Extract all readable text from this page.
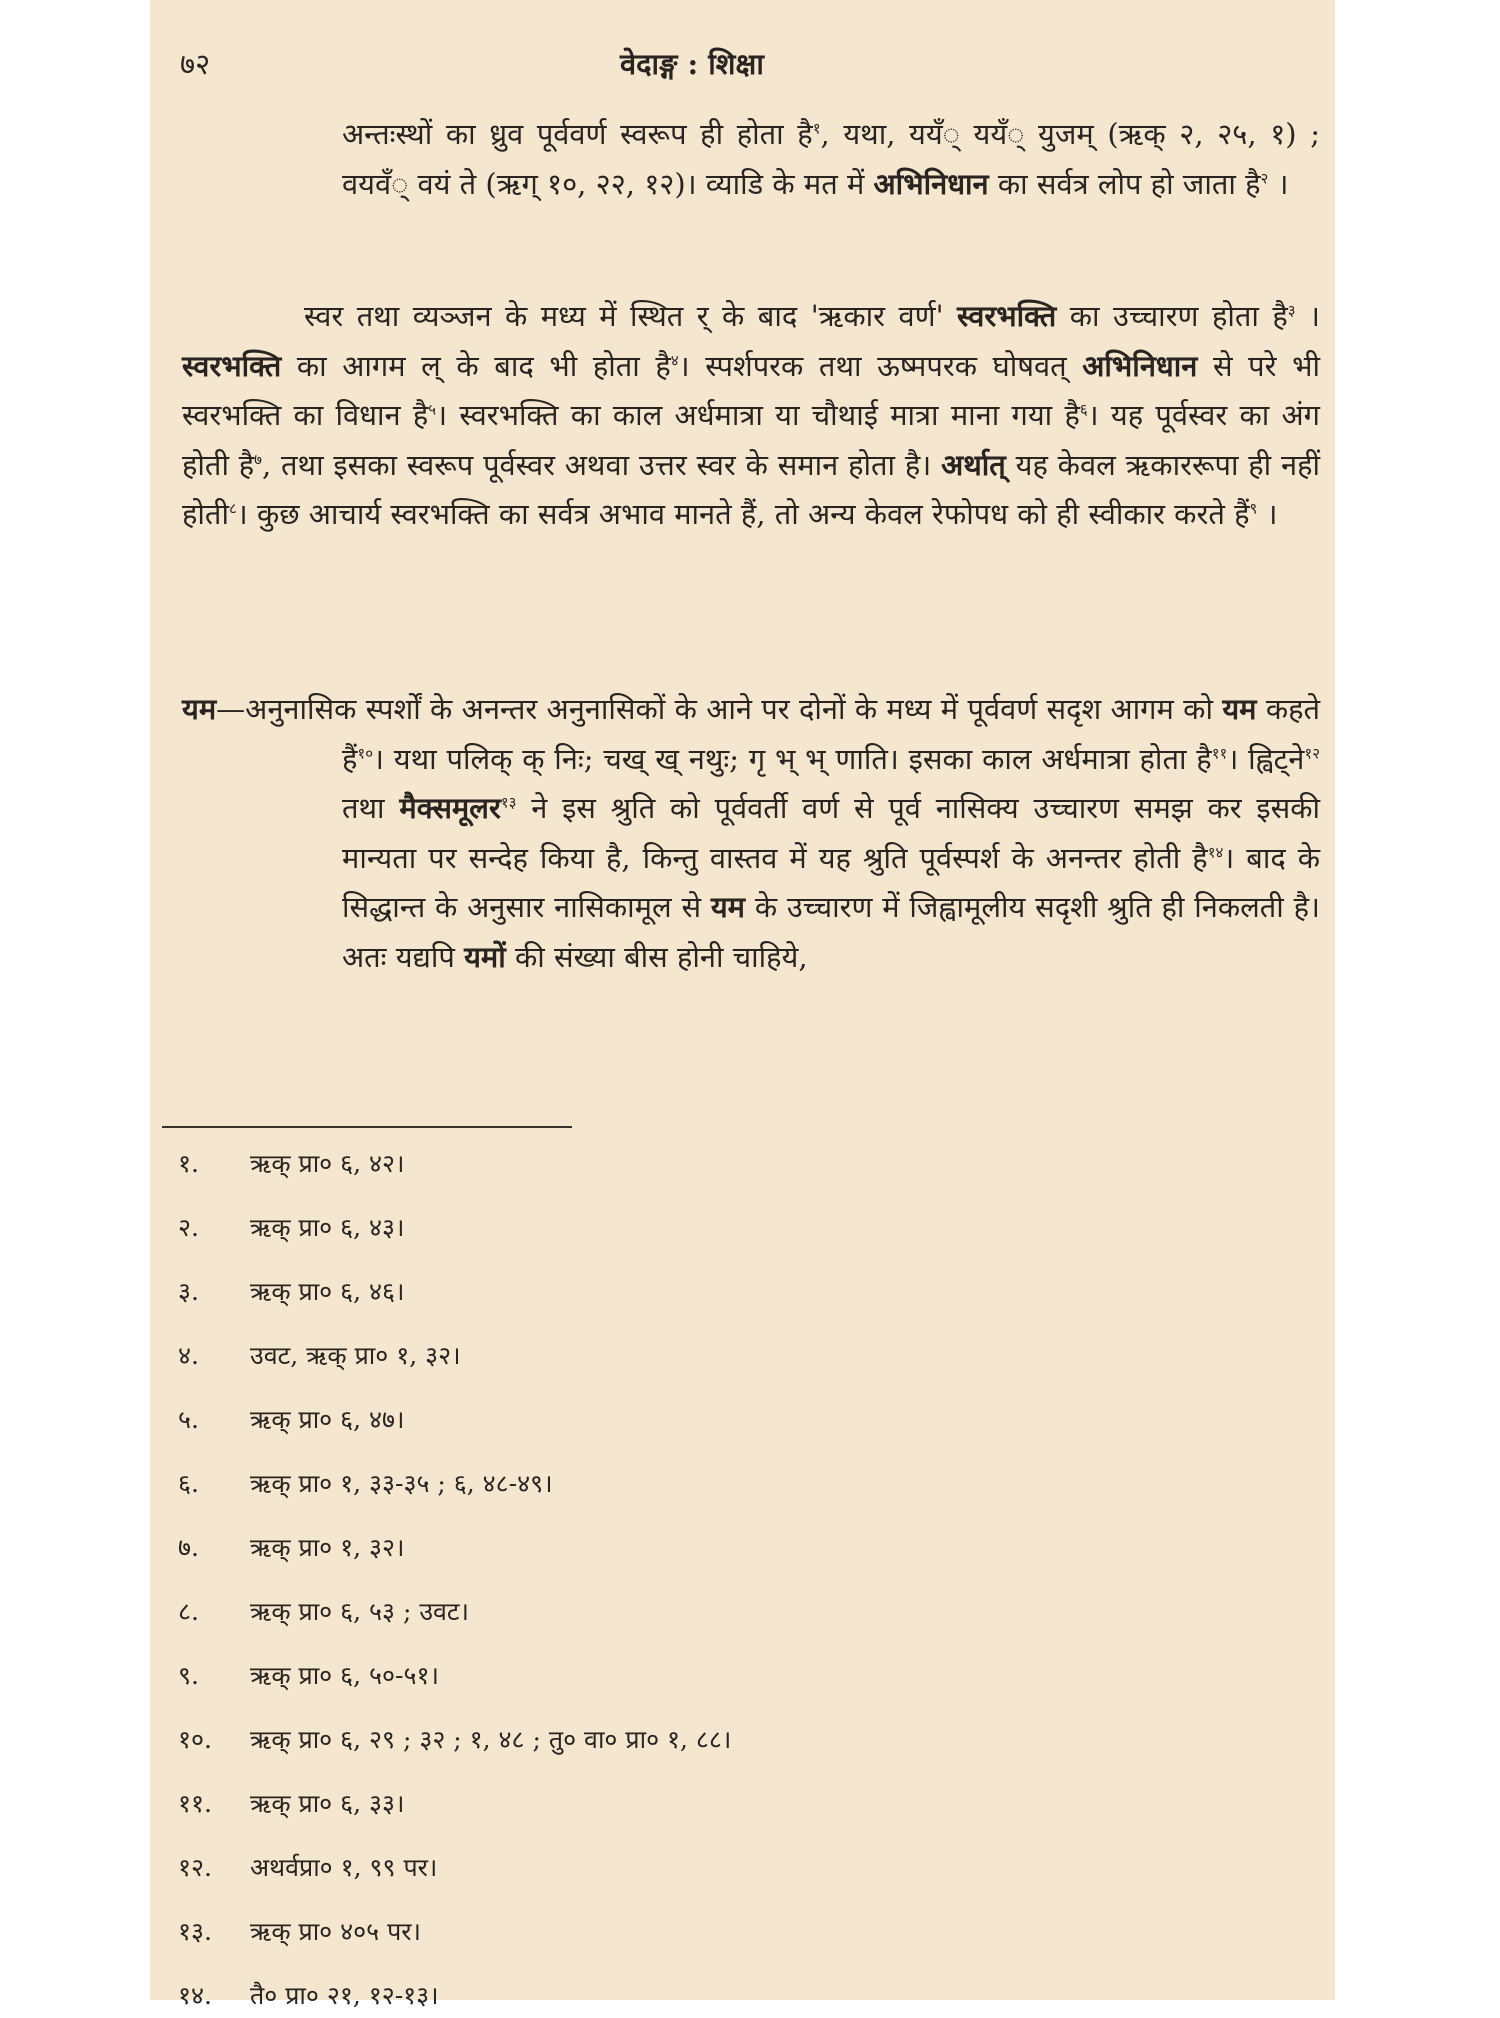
७२	वेदाङ्ग : शिक्षा
अन्तःस्थों का ध्रुव पूर्ववर्ण स्वरूप ही होता है$^१$, यथा, ययँ् ययँ् युजम् (ऋक् २, २५, १) ; वयवँ् वयं ते (ऋग् १०, २२, १२)। व्याडि के मत में अभिनिधान का सर्वत्र लोप हो जाता है$^२$ ।
स्वर तथा व्यञ्जन के मध्य में स्थित र् के बाद 'ऋकार वर्ण' स्वरभक्ति का उच्चारण होता है$^३$ । स्वरभक्ति का आगम ल् के बाद भी होता है$^४$। स्पर्शपरक तथा ऊष्मपरक घोषवत् अभिनिधान से परे भी स्वरभक्ति का विधान है$^५$। स्वरभक्ति का काल अर्धमात्रा या चौथाई मात्रा माना गया है$^६$। यह पूर्वस्वर का अंग होती है$^७$, तथा इसका स्वरूप पूर्वस्वर अथवा उत्तर स्वर के समान होता है। अर्थात् यह केवल ऋकाररूपा ही नहीं होती$^८$। कुछ आचार्य स्वरभक्ति का सर्वत्र अभाव मानते हैं, तो अन्य केवल रेफोपध को ही स्वीकार करते हैं$^९$ ।
यम—अनुनासिक स्पर्शों के अनन्तर अनुनासिकों के आने पर दोनों के मध्य में पूर्ववर्ण सदृश आगम को यम कहते हैं$^{१०}$। यथा पलिक् क् निः; चख् ख् नथुः; गृ भ् भ् णाति। इसका काल अर्धमात्रा होता है$^{११}$। ह्विट्ने$^{१२}$ तथा मैक्समूलर$^{१३}$ ने इस श्रुति को पूर्ववर्ती वर्ण से पूर्व नासिक्य उच्चारण समझ कर इसकी मान्यता पर सन्देह किया है, किन्तु वास्तव में यह श्रुति पूर्वस्पर्श के अनन्तर होती है$^{१४}$। बाद के सिद्धान्त के अनुसार नासिकामूल से यम के उच्चारण में जिह्वामूलीय सदृशी श्रुति ही निकलती है। अतः यद्यपि यमों की संख्या बीस होनी चाहिये,
१. ऋक् प्रा० ६, ४२।
२. ऋक् प्रा० ६, ४३।
३. ऋक् प्रा० ६, ४६।
४. उवट, ऋक् प्रा० १, ३२।
५. ऋक् प्रा० ६, ४७।
६. ऋक् प्रा० १, ३३-३५ ; ६, ४८-४९।
७. ऋक् प्रा० १, ३२।
८. ऋक् प्रा० ६, ५३ ; उवट।
९. ऋक् प्रा० ६, ५०-५१।
१०. ऋक् प्रा० ६, २९ ; ३२ ; १, ४८ ; तु० वा० प्रा० १, ८८।
११. ऋक् प्रा० ६, ३३।
१२. अथर्वप्रा० १, ९९ पर।
१३. ऋक् प्रा० ४०५ पर।
१४. तै० प्रा० २१, १२-१३।
